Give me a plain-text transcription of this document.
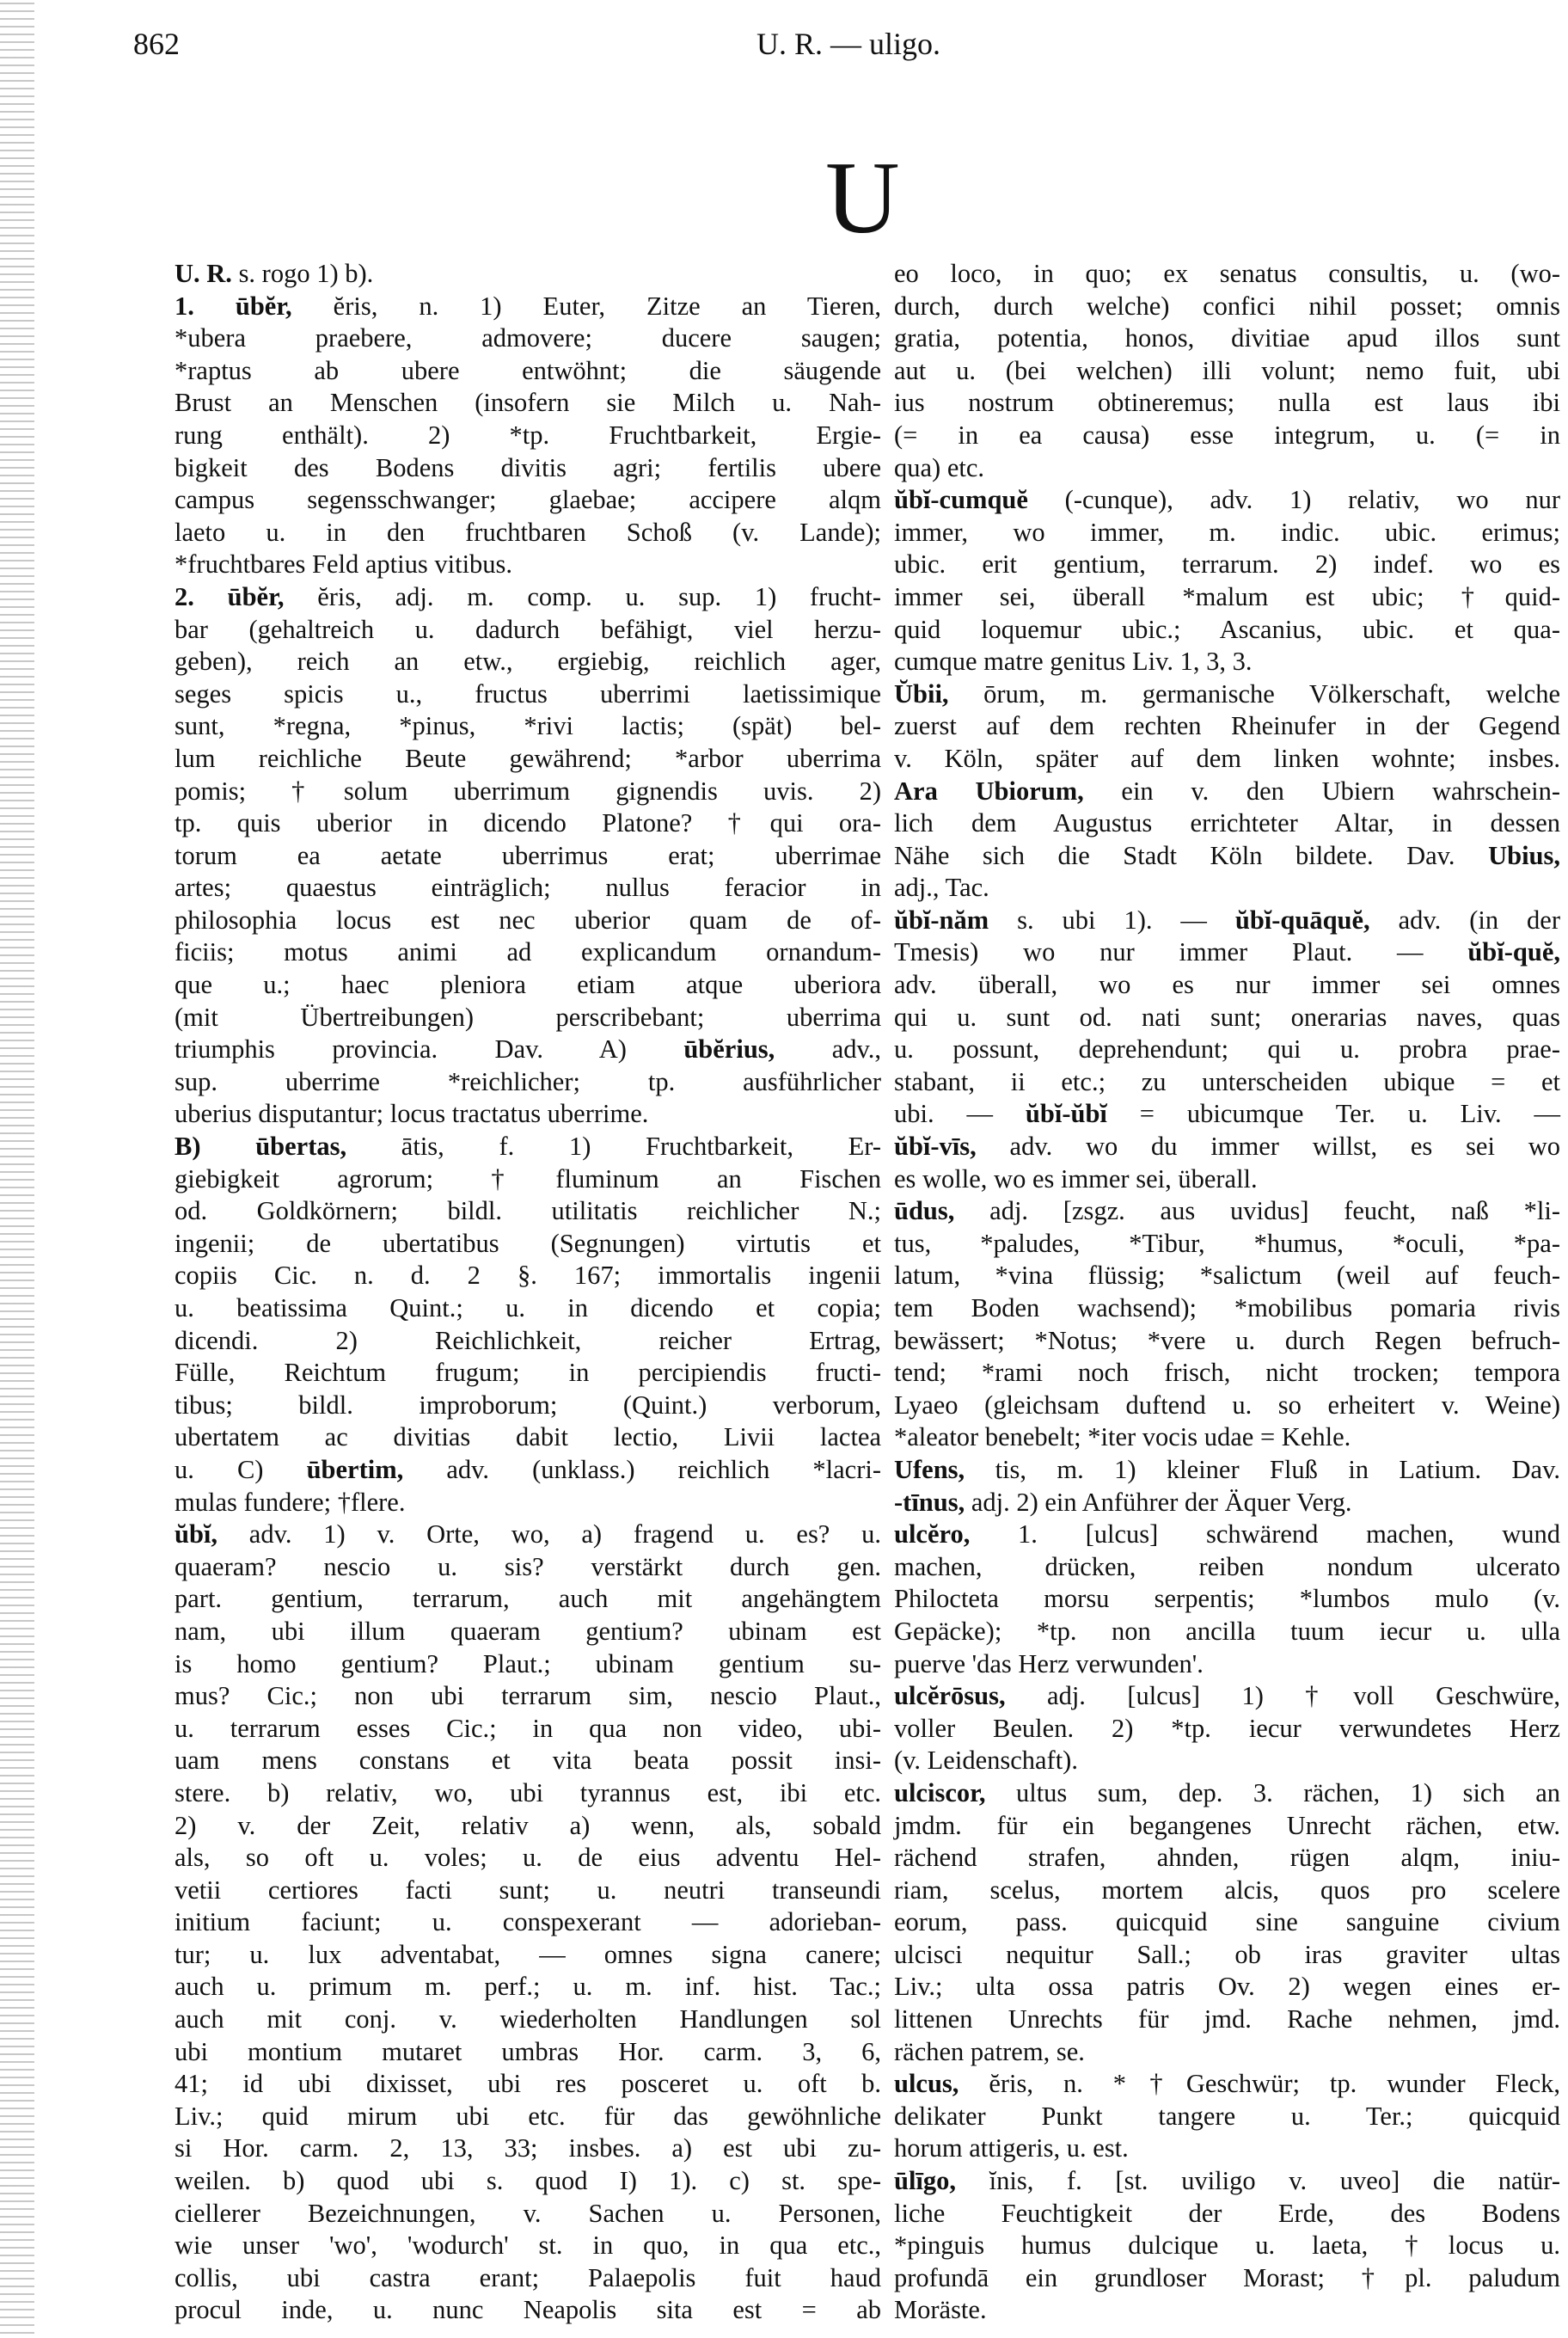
862	U. R. — uligo.
U
U. R. s. rogo 1) b).
1. ūbĕr, ĕris, n. 1) Euter, Zitze an Tieren,
*ubera praebere, admovere; ducere saugen;
*raptus ab ubere entwöhnt; die säugende
Brust an Menschen (insofern sie Milch u. Nah-
rung enthält). 2) *tp. Fruchtbarkeit, Ergie-
bigkeit des Bodens divitis agri; fertilis ubere
campus segensschwanger; glaebae; accipere alqm
laeto u. in den fruchtbaren Schoß (v. Lande);
*fruchtbares Feld aptius vitibus.
2. ūbĕr, ĕris, adj. m. comp. u. sup. 1) frucht-
bar (gehaltreich u. dadurch befähigt, viel herzu-
geben), reich an etw., ergiebig, reichlich ager,
seges spicis u., fructus uberrimi laetissimique
sunt, *regna, *pinus, *rivi lactis; (spät) bel-
lum reichliche Beute gewährend; *arbor uberrima
pomis; †solum uberrimum gignendis uvis. 2)
tp. quis uberior in dicendo Platone? †qui ora-
torum ea aetate uberrimus erat; uberrimae
artes; quaestus einträglich; nullus feracior in
philosophia locus est nec uberior quam de of-
ficiis; motus animi ad explicandum ornandum-
que u.; haec pleniora etiam atque uberiora
(mit Übertreibungen) perscribebant; uberrima
triumphis provincia. Dav. A) ūbĕrius, adv.,
sup. uberrime *reichlicher; tp. ausführlicher
uberius disputantur; locus tractatus uberrime.
B) ūbertas, ātis, f. 1) Fruchtbarkeit, Er-
giebigkeit agrorum; †fluminum an Fischen
od. Goldkörnern; bildl. utilitatis reichlicher N.;
ingenii; de ubertatibus (Segnungen) virtutis et
copiis Cic. n. d. 2 §. 167; immortalis ingenii
u. beatissima Quint.; u. in dicendo et copia;
dicendi. 2) Reichlichkeit, reicher Ertrag,
Fülle, Reichtum frugum; in percipiendis fructi-
tibus; bildl. improborum; (Quint.) verborum,
ubertatem ac divitias dabit lectio, Livii lactea
u. C) ūbertim, adv. (unklass.) reichlich *lacri-
mulas fundere; †flere.
ŭbĭ, adv. 1) v. Orte, wo, a) fragend u. es? u.
quaeram? nescio u. sis? verstärkt durch gen.
part. gentium, terrarum, auch mit angehängtem
nam, ubi illum quaeram gentium? ubinam est
is homo gentium? Plaut.; ubinam gentium su-
mus? Cic.; non ubi terrarum sim, nescio Plaut.,
u. terrarum esses Cic.; in qua non video, ubi-
uam mens constans et vita beata possit insi-
stere. b) relativ, wo, ubi tyrannus est, ibi etc.
2) v. der Zeit, relativ a) wenn, als, sobald
als, so oft u. voles; u. de eius adventu Hel-
vetii certiores facti sunt; u. neutri transeundi
initium faciunt; u. conspexerant — adorieban-
tur; u. lux adventabat, — omnes signa canere;
auch u. primum m. perf.; u. m. inf. hist. Tac.;
auch mit conj. v. wiederholten Handlungen sol
ubi montium mutaret umbras Hor. carm. 3, 6,
41; id ubi dixisset, ubi res posceret u. oft b.
Liv.; quid mirum ubi etc. für das gewöhnliche
si Hor. carm. 2, 13, 33; insbes. a) est ubi zu-
weilen. b) quod ubi s. quod I) 1). c) st. spe-
ciellerer Bezeichnungen, v. Sachen u. Personen,
wie unser 'wo', 'wodurch' st. in quo, in qua etc.,
collis, ubi castra erant; Palaepolis fuit haud
procul inde, u. nunc Neapolis sita est = ab
eo loco, in quo; ex senatus consultis, u. (wo-
durch, durch welche) confici nihil posset; omnis
gratia, potentia, honos, divitiae apud illos sunt
aut u. (bei welchen) illi volunt; nemo fuit, ubi
ius nostrum obtineremus; nulla est laus ibi
(= in ea causa) esse integrum, u. (= in
qua) etc.
ŭbĭ-cumquĕ (-cunque), adv. 1) relativ, wo nur
immer, wo immer, m. indic. ubic. erimus;
ubic. erit gentium, terrarum. 2) indef. wo es
immer sei, überall *malum est ubic; †quid-
quid loquemur ubic.; Ascanius, ubic. et qua-
cumque matre genitus Liv. 1, 3, 3.
Ŭbii, ōrum, m. germanische Völkerschaft, welche
zuerst auf dem rechten Rheinufer in der Gegend
v. Köln, später auf dem linken wohnte; insbes.
Ara Ubiorum, ein v. den Ubiern wahrschein-
lich dem Augustus errichteter Altar, in dessen
Nähe sich die Stadt Köln bildete. Dav. Ubius,
adj., Tac.
ŭbĭ-năm s. ubi 1). — ŭbĭ-quāquĕ, adv. (in der
Tmesis) wo nur immer Plaut. — ŭbĭ-quĕ,
adv. überall, wo es nur immer sei omnes
qui u. sunt od. nati sunt; onerarias naves, quas
u. possunt, deprehendunt; qui u. probra prae-
stabant, ii etc.; zu unterscheiden ubique = et
ubi. — ŭbĭ-ŭbĭ = ubicumque Ter. u. Liv. —
ŭbĭ-vīs, adv. wo du immer willst, es sei wo
es wolle, wo es immer sei, überall.
ūdus, adj. [zsgz. aus uvidus] feucht, naß *li-
tus, *paludes, *Tibur, *humus, *oculi, *pa-
latum, *vina flüssig; *salictum (weil auf feuch-
tem Boden wachsend); *mobilibus pomaria rivis
bewässert; *Notus; *vere u. durch Regen befruch-
tend; *rami noch frisch, nicht trocken; tempora
Lyaeo (gleichsam duftend u. so erheitert v. Weine)
*aleator benebelt; *iter vocis udae = Kehle.
Ufens, tis, m. 1) kleiner Fluß in Latium. Dav.
-tīnus, adj. 2) ein Anführer der Äquer Verg.
ulcĕro, 1. [ulcus] schwärend machen, wund
machen, drücken, reiben nondum ulcerato
Philocteta morsu serpentis; *lumbos mulo (v.
Gepäcke); *tp. non ancilla tuum iecur u. ulla
puerve 'das Herz verwunden'.
ulcĕrōsus, adj. [ulcus] 1) †voll Geschwüre,
voller Beulen. 2) *tp. iecur verwundetes Herz
(v. Leidenschaft).
ulciscor, ultus sum, dep. 3. rächen, 1) sich an
jmdm. für ein begangenes Unrecht rächen, etw.
rächend strafen, ahnden, rügen alqm, iniu-
riam, scelus, mortem alcis, quos pro scelere
eorum, pass. quicquid sine sanguine civium
ulcisci nequitur Sall.; ob iras graviter ultas
Liv.; ulta ossa patris Ov. 2) wegen eines er-
littenen Unrechts für jmd. Rache nehmen, jmd.
rächen patrem, se.
ulcus, ĕris, n. *†Geschwür; tp. wunder Fleck,
delikater Punkt tangere u. Ter.; quicquid
horum attigeris, u. est.
ūlīgo, ĭnis, f. [st. uviligo v. uveo] die natür-
liche Feuchtigkeit der Erde, des Bodens
*pinguis humus dulcique u. laeta, †locus u.
profundā ein grundloser Morast; †pl. paludum
Moräste.
